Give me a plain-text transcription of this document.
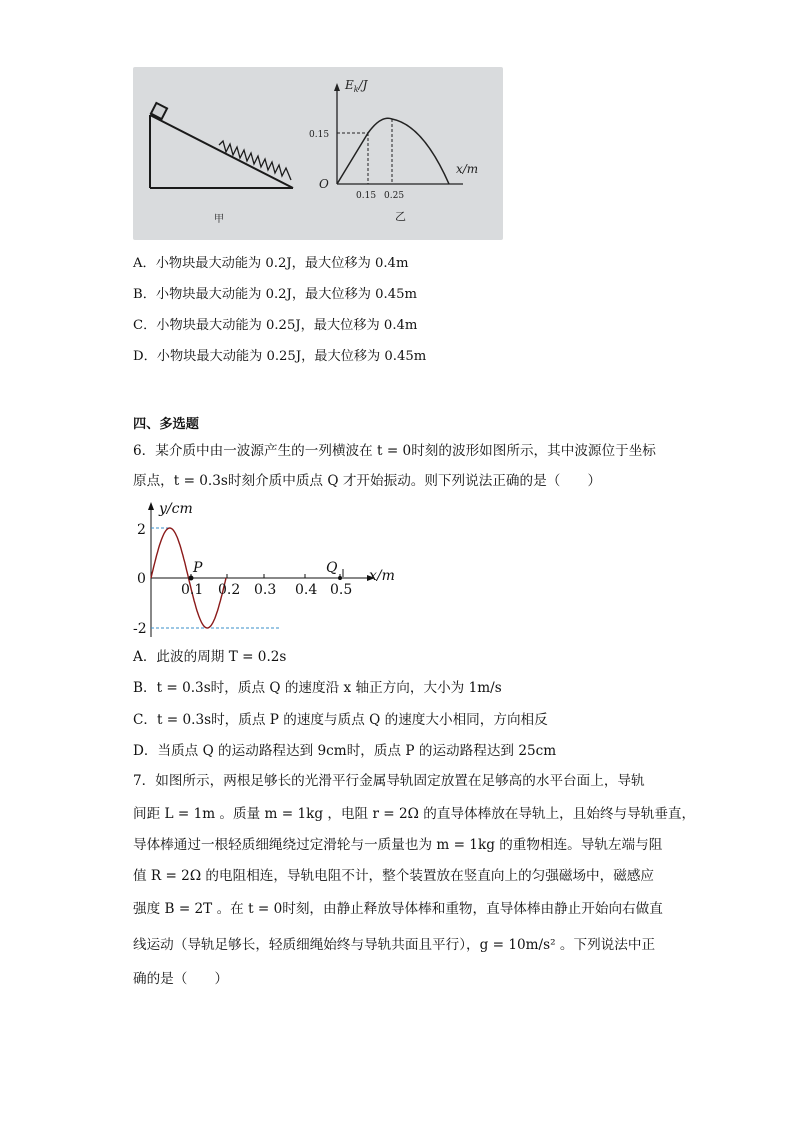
甲
$E_k/J$
x/m
O
0.15
0.15 0.25
乙
A．小物块最大动能为 0.2J，最大位移为 0.4m
B．小物块最大动能为 0.2J，最大位移为 0.45m
C．小物块最大动能为 0.25J，最大位移为 0.4m
D．小物块最大动能为 0.25J，最大位移为 0.45m
四、多选题
6．某介质中由一波源产生的一列横波在 t = 0时刻的波形如图所示，其中波源位于坐标
原点，t = 0.3s时刻介质中质点 Q 才开始振动。则下列说法正确的是（　　）
y/cm
x/m
2
0
-2
0.1 0.2 0.3 0.4 0.5
P	Q
A．此波的周期 T = 0.2s
B．t = 0.3s时，质点 Q 的速度沿 x 轴正方向，大小为 1m/s
C．t = 0.3s时，质点 P 的速度与质点 Q 的速度大小相同，方向相反
D．当质点 Q 的运动路程达到 9cm时，质点 P 的运动路程达到 25cm
7．如图所示，两根足够长的光滑平行金属导轨固定放置在足够高的水平台面上，导轨
间距 L = 1m 。质量 m = 1kg ，电阻 r = 2Ω 的直导体棒放在导轨上，且始终与导轨垂直，
导体棒通过一根轻质细绳绕过定滑轮与一质量也为 m = 1kg 的重物相连。导轨左端与阻
值 R = 2Ω 的电阻相连，导轨电阻不计，整个装置放在竖直向上的匀强磁场中，磁感应
强度 B = 2T 。在 t = 0时刻，由静止释放导体棒和重物，直导体棒由静止开始向右做直
线运动（导轨足够长，轻质细绳始终与导轨共面且平行），g = 10m/s² 。下列说法中正
确的是（　　）
